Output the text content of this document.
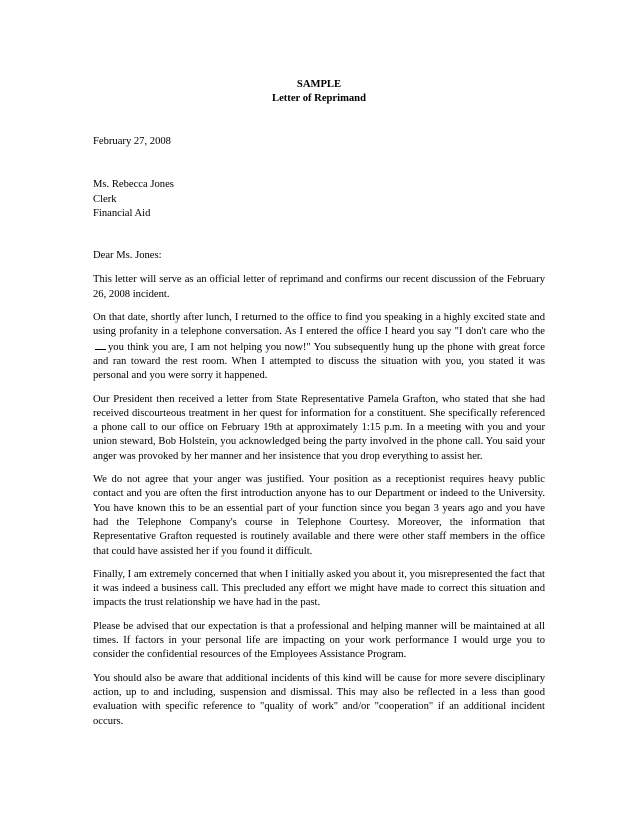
SAMPLE
Letter of Reprimand
February 27, 2008
Ms. Rebecca Jones
Clerk
Financial Aid
Dear Ms. Jones:
This letter will serve as an official letter of reprimand and confirms our recent discussion of the February 26, 2008 incident.
On that date, shortly after lunch, I returned to the office to find you speaking in a highly excited state and using profanity in a telephone conversation. As I entered the office I heard you say "I don't care who theyou think you are, I am not helping you now!" You subsequently hung up the phone with great force and ran toward the rest room. When I attempted to discuss the situation with you, you stated it was personal and you were sorry it happened.
Our President then received a letter from State Representative Pamela Grafton, who stated that she had received discourteous treatment in her quest for information for a constituent. She specifically referenced a phone call to our office on February 19th at approximately 1:15 p.m. In a meeting with you and your union steward, Bob Holstein, you acknowledged being the party involved in the phone call. You said your anger was provoked by her manner and her insistence that you drop everything to assist her.
We do not agree that your anger was justified. Your position as a receptionist requires heavy public contact and you are often the first introduction anyone has to our Department or indeed to the University. You have known this to be an essential part of your function since you began 3 years ago and you have had the Telephone Company's course in Telephone Courtesy. Moreover, the information that Representative Grafton requested is routinely available and there were other staff members in the office that could have assisted her if you found it difficult.
Finally, I am extremely concerned that when I initially asked you about it, you misrepresented the fact that it was indeed a business call. This precluded any effort we might have made to correct this situation and impacts the trust relationship we have had in the past.
Please be advised that our expectation is that a professional and helping manner will be maintained at all times. If factors in your personal life are impacting on your work performance I would urge you to consider the confidential resources of the Employees Assistance Program.
You should also be aware that additional incidents of this kind will be cause for more severe disciplinary action, up to and including, suspension and dismissal. This may also be reflected in a less than good evaluation with specific reference to "quality of work" and/or "cooperation" if an additional incident occurs.
